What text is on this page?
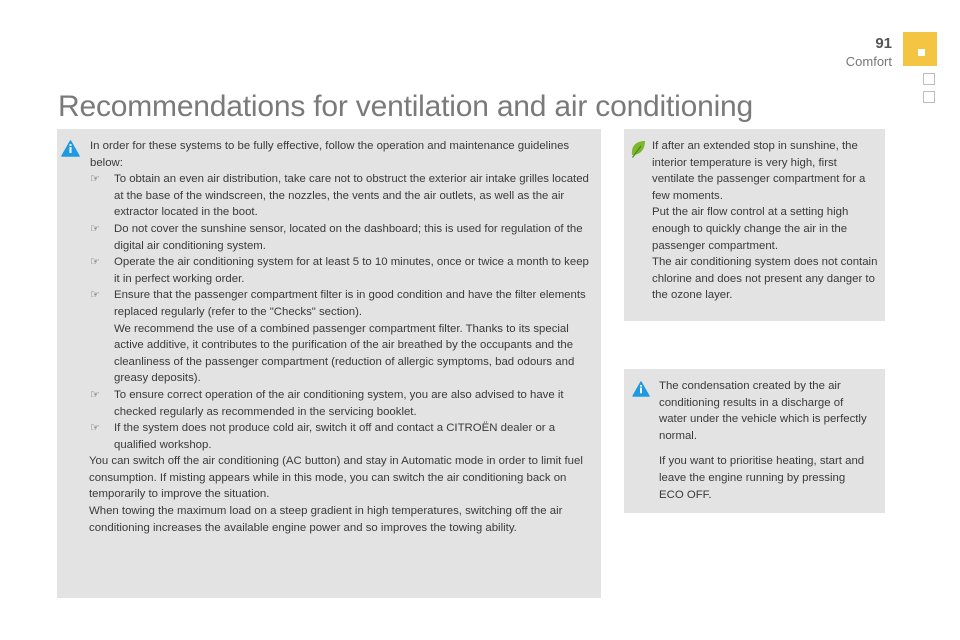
91
Comfort
Recommendations for ventilation and air conditioning

In order for these systems to be fully effective, follow the operation and maintenance guidelines below:

☞ To obtain an even air distribution, take care not to obstruct the exterior air intake grilles located at the base of the windscreen, the nozzles, the vents and the air outlets, as well as the air extractor located in the boot.
☞ Do not cover the sunshine sensor, located on the dashboard; this is used for regulation of the digital air conditioning system.
☞ Operate the air conditioning system for at least 5 to 10 minutes, once or twice a month to keep it in perfect working order.
☞ Ensure that the passenger compartment filter is in good condition and have the filter elements replaced regularly (refer to the "Checks" section).

We recommend the use of a combined passenger compartment filter. Thanks to its special active additive, it contributes to the purification of the air breathed by the occupants and the cleanliness of the passenger compartment (reduction of allergic symptoms, bad odours and greasy deposits).

☞ To ensure correct operation of the air conditioning system, you are also advised to have it checked regularly as recommended in the servicing booklet.
☞ If the system does not produce cold air, switch it off and contact a CITROËN dealer or a qualified workshop.

You can switch off the air conditioning (AC button) and stay in Automatic mode in order to limit fuel consumption. If misting appears while in this mode, you can switch the air conditioning back on temporarily to improve the situation.

When towing the maximum load on a steep gradient in high temperatures, switching off the air conditioning increases the available engine power and so improves the towing ability.

If after an extended stop in sunshine, the interior temperature is very high, first ventilate the passenger compartment for a few moments.

Put the air flow control at a setting high enough to quickly change the air in the passenger compartment.

The air conditioning system does not contain chlorine and does not present any danger to the ozone layer.

The condensation created by the air conditioning results in a discharge of water under the vehicle which is perfectly normal.

If you want to prioritise heating, start and leave the engine running by pressing ECO OFF.
